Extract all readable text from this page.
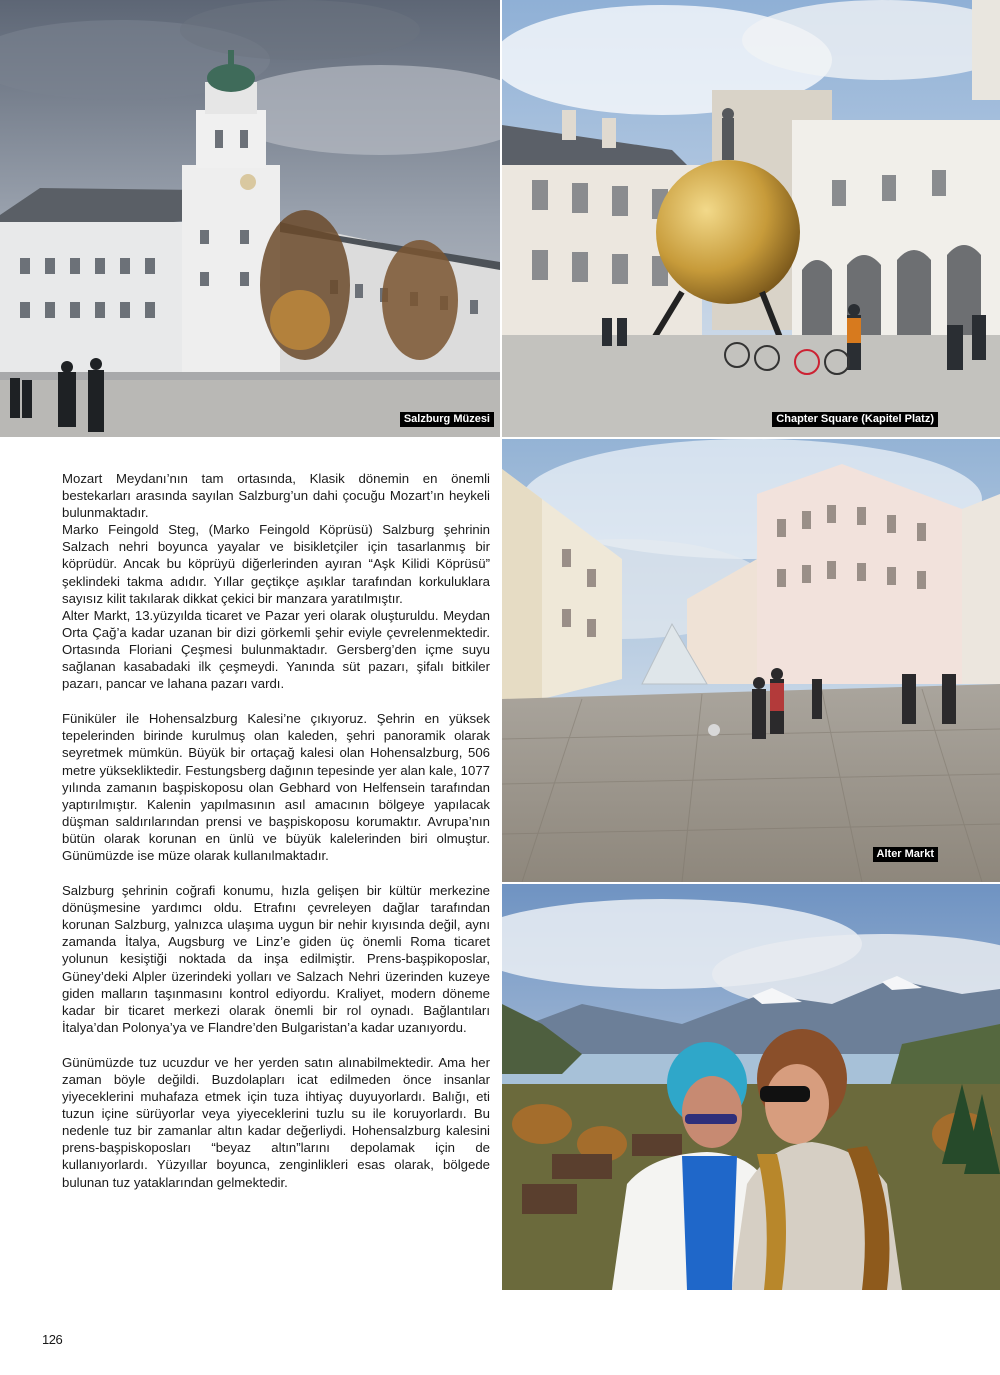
Salzburg Müzesi	Chapter Square (Kapitel Platz)
Alter Markt

Mozart Meydanı’nın tam ortasında, Klasik dönemin en önemli bestekarları arasında sayılan Salzburg’un dahi çocuğu Mozart’ın heykeli bulunmaktadır.

Marko Feingold Steg, (Marko Feingold Köprüsü) Salzburg şehrinin Salzach nehri boyunca yayalar ve bisikletçiler için tasarlanmış bir köprüdür. Ancak bu köprüyü diğerlerinden ayıran “Aşk Kilidi Köprüsü” şeklindeki takma adıdır. Yıllar geçtikçe aşıklar tarafından korkuluklara sayısız kilit takılarak dikkat çekici bir manzara yaratılmıştır.

Alter Markt, 13.yüzyılda ticaret ve Pazar yeri olarak oluşturuldu. Meydan Orta Çağ’a kadar uzanan bir dizi görkemli şehir eviyle çevrelenmektedir. Ortasında Floriani Çeşmesi bulunmaktadır. Gersberg’den içme suyu sağlanan kasabadaki ilk çeşmeydi. Yanında süt pazarı, şifalı bitkiler pazarı, pancar ve lahana pazarı vardı.

Füniküler ile Hohensalzburg Kalesi’ne çıkıyoruz. Şehrin en yüksek tepelerinden birinde kurulmuş olan kaleden, şehri panoramik olarak seyretmek mümkün. Büyük bir ortaçağ kalesi olan Hohensalzburg, 506 metre yüksekliktedir. Festungsberg dağının tepesinde yer alan kale, 1077 yılında zamanın başpiskoposu olan Gebhard von Helfensein tarafından yaptırılmıştır. Kalenin yapılmasının asıl amacının bölgeye yapılacak düşman saldırılarından prensi ve başpiskoposu korumaktır. Avrupa’nın bütün olarak korunan en ünlü ve büyük kalelerinden biri olmuştur. Günümüzde ise müze olarak kullanılmaktadır.

Salzburg şehrinin coğrafi konumu, hızla gelişen bir kültür merkezine dönüşmesine yardımcı oldu. Etrafını çevreleyen dağlar tarafından korunan Salzburg, yalnızca ulaşıma uygun bir nehir kıyısında değil, aynı zamanda İtalya, Augsburg ve Linz’e giden üç önemli Roma ticaret yolunun kesiştiği noktada da inşa edilmiştir. Prens-başpikoposlar, Güney’deki Alpler üzerindeki yolları ve Salzach Nehri üzerinden kuzeye giden malların taşınmasını kontrol ediyordu. Kraliyet, modern döneme kadar bir ticaret merkezi olarak önemli bir rol oynadı. Bağlantıları İtalya’dan Polonya’ya ve Flandre’den Bulgaristan’a kadar uzanıyordu.

Günümüzde tuz ucuzdur ve her yerden satın alınabilmektedir. Ama her zaman böyle değildi. Buzdolapları icat edilmeden önce insanlar yiyeceklerini muhafaza etmek için tuza ihtiyaç duyuyorlardı. Balığı, eti tuzun içine sürüyorlar veya yiyeceklerini tuzlu su ile koruyorlardı. Bu nedenle tuz bir zamanlar altın kadar değerliydi. Hohensalzburg kalesini prens-başpiskoposları “beyaz altın”larını depolamak için de kullanıyorlardı. Yüzyıllar boyunca, zenginlikleri esas olarak, bölgede bulunan tuz yataklarından gelmektedir.

126
